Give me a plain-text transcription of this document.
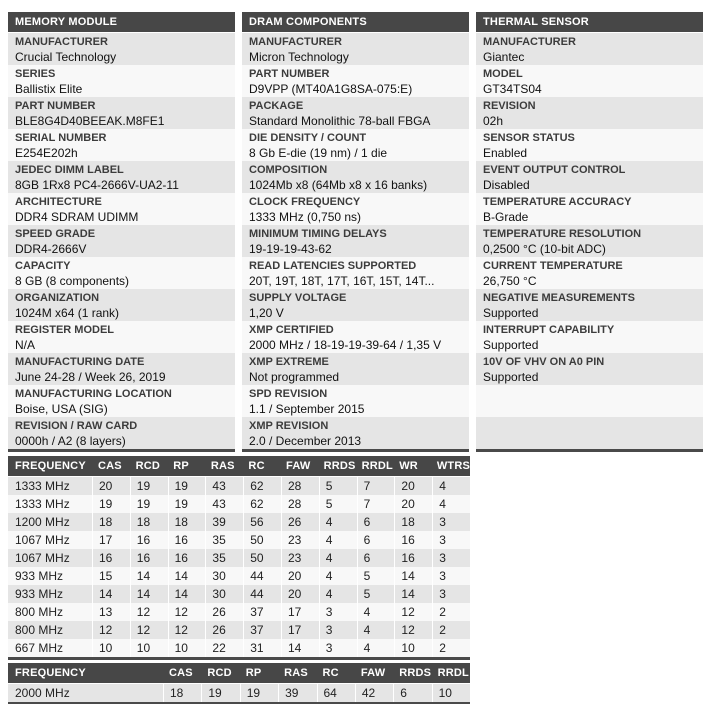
MEMORY MODULE
MANUFACTURER
Crucial Technology
SERIES
Ballistix Elite
PART NUMBER
BLE8G4D40BEEAK.M8FE1
SERIAL NUMBER
E254E202h
JEDEC DIMM LABEL
8GB 1Rx8 PC4-2666V-UA2-11
ARCHITECTURE
DDR4 SDRAM UDIMM
SPEED GRADE
DDR4-2666V
CAPACITY
8 GB (8 components)
ORGANIZATION
1024M x64 (1 rank)
REGISTER MODEL
N/A
MANUFACTURING DATE
June 24-28 / Week 26, 2019
MANUFACTURING LOCATION
Boise, USA (SIG)
REVISION / RAW CARD
0000h / A2 (8 layers)
DRAM COMPONENTS
MANUFACTURER
Micron Technology
PART NUMBER
D9VPP (MT40A1G8SA-075:E)
PACKAGE
Standard Monolithic 78-ball FBGA
DIE DENSITY / COUNT
8 Gb E-die (19 nm) / 1 die
COMPOSITION
1024Mb x8 (64Mb x8 x 16 banks)
CLOCK FREQUENCY
1333 MHz (0,750 ns)
MINIMUM TIMING DELAYS
19-19-19-43-62
READ LATENCIES SUPPORTED
20T, 19T, 18T, 17T, 16T, 15T, 14T...
SUPPLY VOLTAGE
1,20 V
XMP CERTIFIED
2000 MHz / 18-19-19-39-64 / 1,35 V
XMP EXTREME
Not programmed
SPD REVISION
1.1 / September 2015
XMP REVISION
2.0 / December 2013
THERMAL SENSOR
MANUFACTURER
Giantec
MODEL
GT34TS04
REVISION
02h
SENSOR STATUS
Enabled
EVENT OUTPUT CONTROL
Disabled
TEMPERATURE ACCURACY
B-Grade
TEMPERATURE RESOLUTION
0,2500 °C (10-bit ADC)
CURRENT TEMPERATURE
26,750 °C
NEGATIVE MEASUREMENTS
Supported
INTERRUPT CAPABILITY
Supported
10V OF VHV ON A0 PIN
Supported
FREQUENCY	CAS	RCD	RP	RAS	RC	FAW	RRDS RRDL WR	WTRS
1333 MHz	20	19	19	43	62	28	5	7	20	4
1333 MHz	19	19	19	43	62	28	5	7	20	4
1200 MHz	18	18	18	39	56	26	4	6	18	3
1067 MHz	17	16	16	35	50	23	4	6	16	3
1067 MHz	16	16	16	35	50	23	4	6	16	3
933 MHz	15	14	14	30	44	20	4	5	14	3
933 MHz	14	14	14	30	44	20	4	5	14	3
800 MHz	13	12	12	26	37	17	3	4	12	2
800 MHz	12	12	12	26	37	17	3	4	12	2
667 MHz	10	10	10	22	31	14	3	4	10	2
FREQUENCY	CAS	RCD	RP	RAS	RC	FAW	RRDS RRDL
2000 MHz	18	19	19	39	64	42	6	10
